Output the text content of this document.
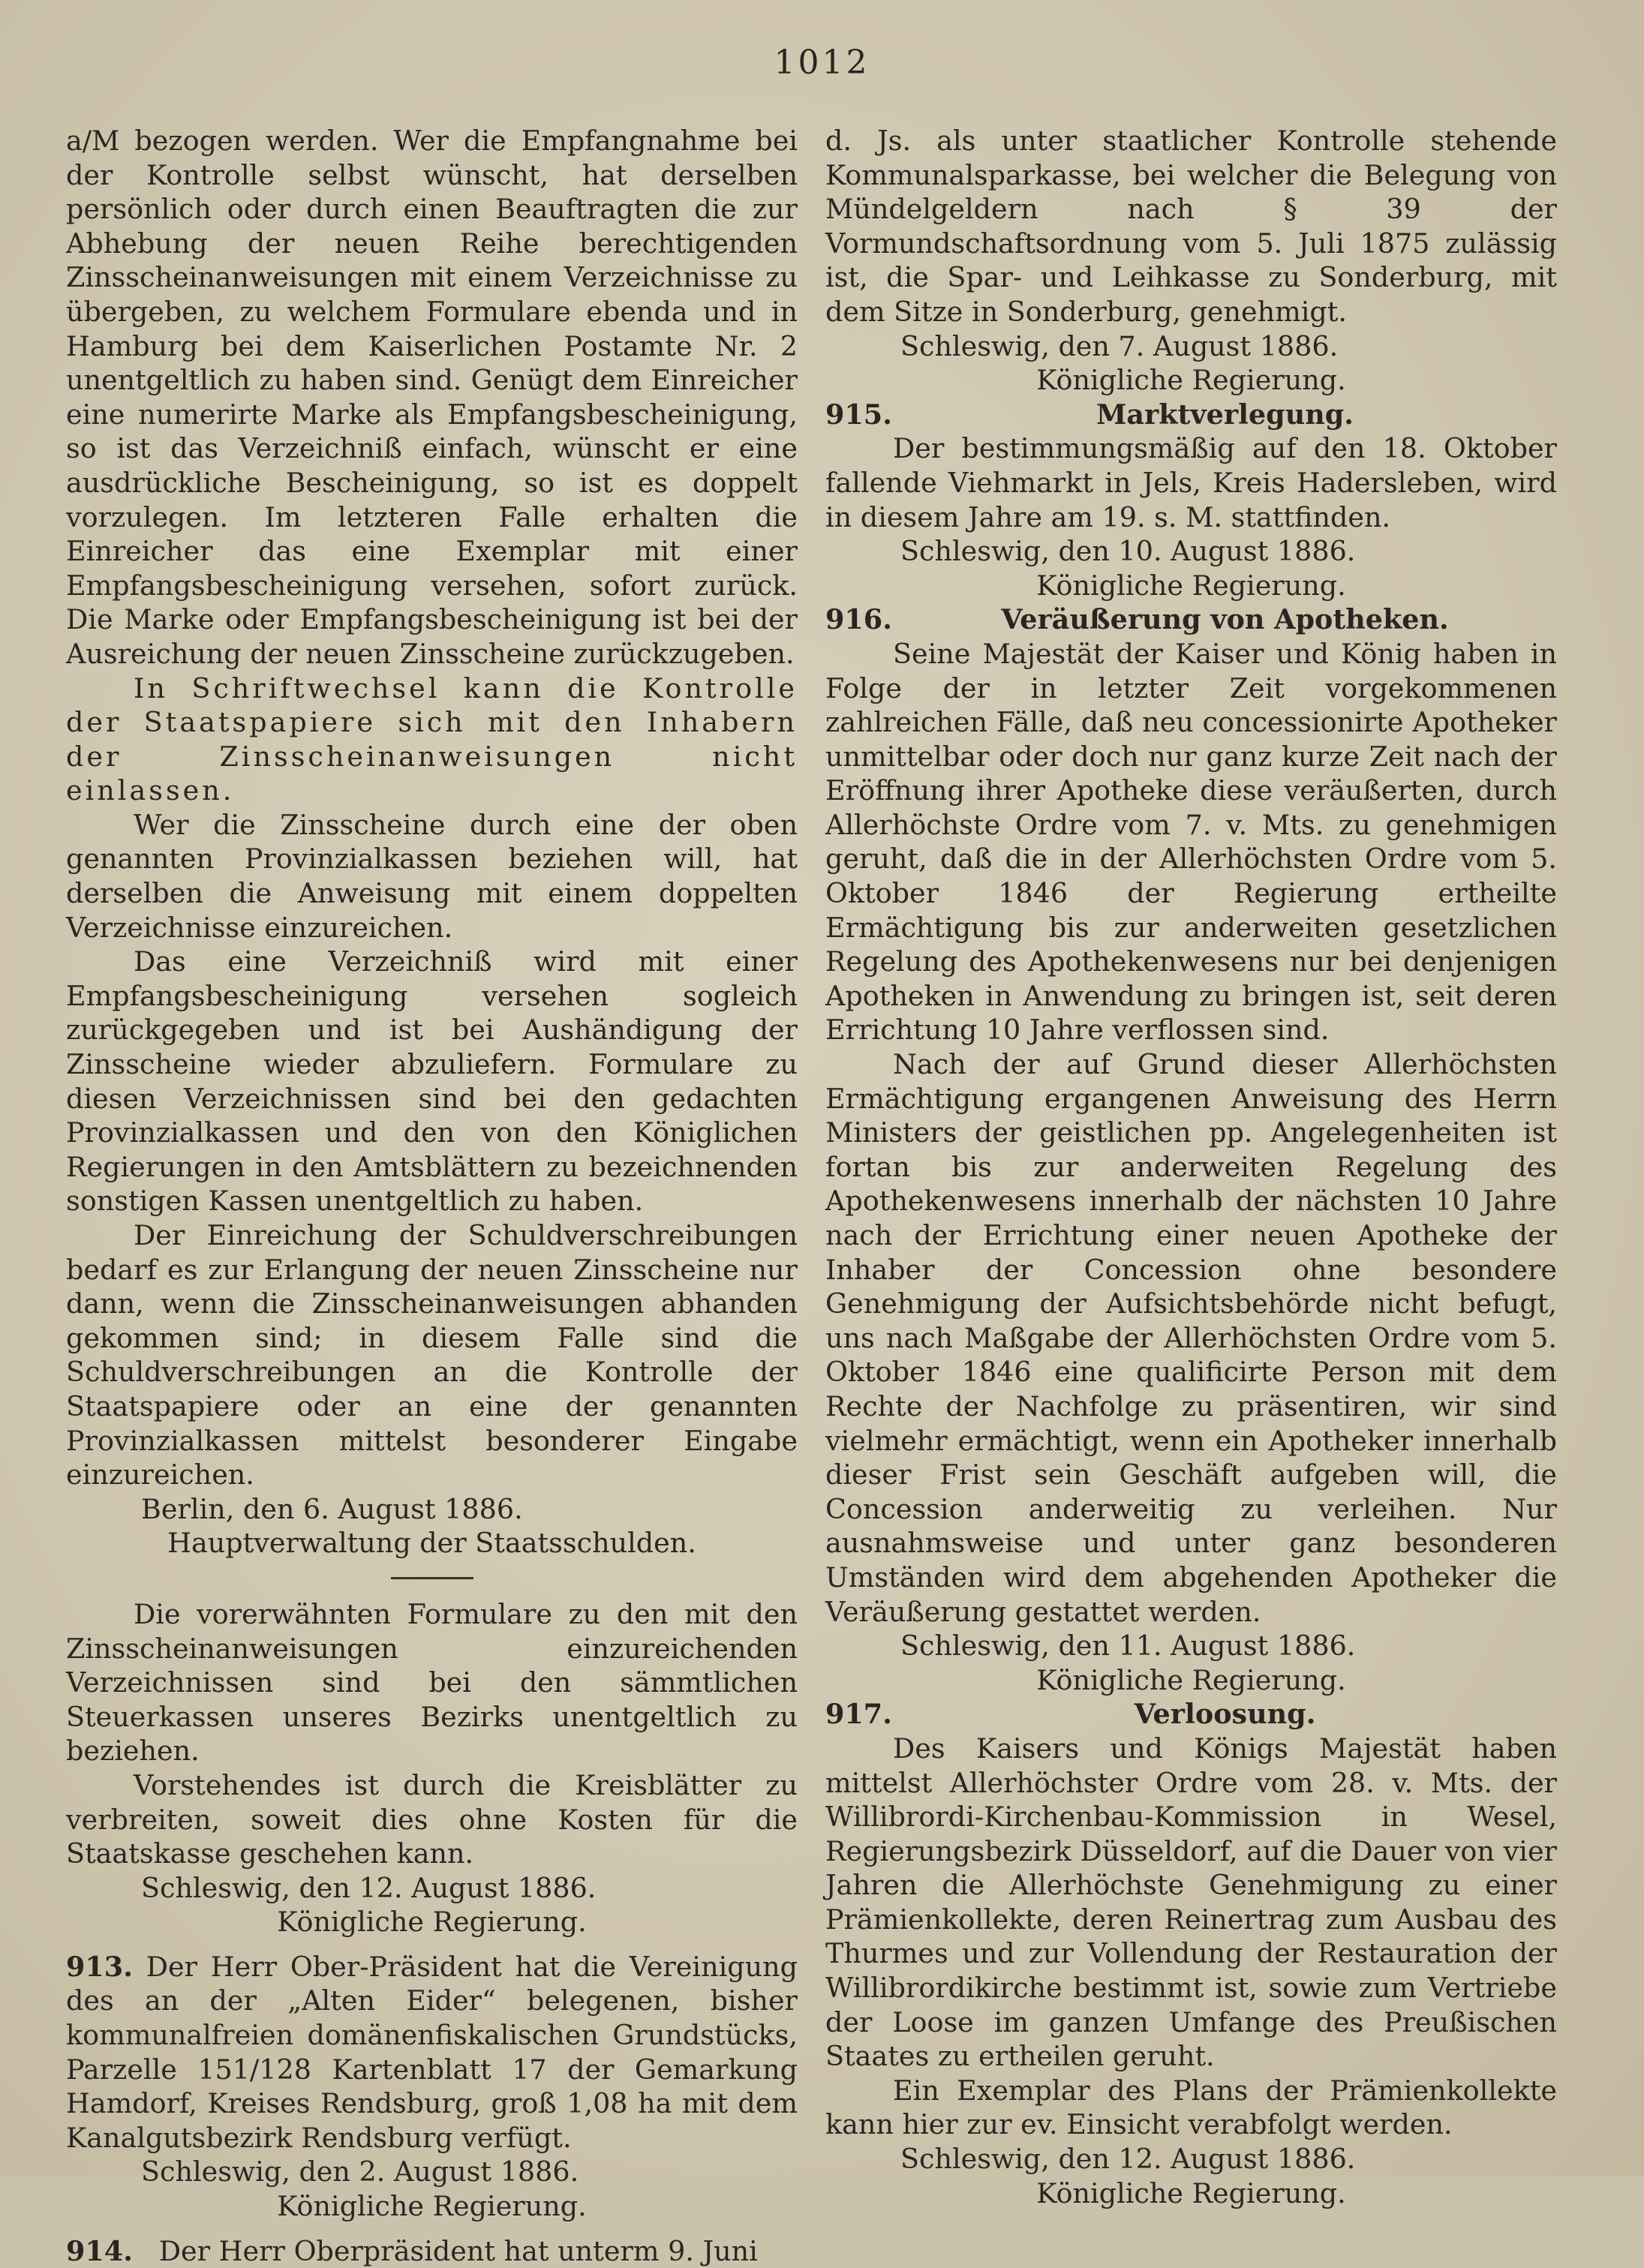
1012

a/M bezogen werden. Wer die Empfangnahme bei der Kontrolle selbst wünscht, hat derselben persönlich oder durch einen Beauftragten die zur Abhebung der neuen Reihe berechtigenden Zinsscheinanweisungen mit einem Verzeichnisse zu übergeben, zu welchem Formulare ebenda und in Hamburg bei dem Kaiserlichen Postamte Nr. 2 unentgeltlich zu haben sind. Genügt dem Einreicher eine numerirte Marke als Empfangsbescheinigung, so ist das Verzeichniß einfach, wünscht er eine ausdrückliche Bescheinigung, so ist es doppelt vorzulegen. Im letzteren Falle erhalten die Einreicher das eine Exemplar mit einer Empfangsbescheinigung versehen, sofort zurück. Die Marke oder Empfangsbescheinigung ist bei der Ausreichung der neuen Zinsscheine zurückzugeben.

In Schriftwechsel kann die Kontrolle der Staatspapiere sich mit den Inhabern der Zinsscheinanweisungen nicht einlassen.

Wer die Zinsscheine durch eine der oben genannten Provinzialkassen beziehen will, hat derselben die Anweisung mit einem doppelten Verzeichnisse einzureichen.

Das eine Verzeichniß wird mit einer Empfangsbescheinigung versehen sogleich zurückgegeben und ist bei Aushändigung der Zinsscheine wieder abzuliefern. Formulare zu diesen Verzeichnissen sind bei den gedachten Provinzialkassen und den von den Königlichen Regierungen in den Amtsblättern zu bezeichnenden sonstigen Kassen unentgeltlich zu haben.

Der Einreichung der Schuldverschreibungen bedarf es zur Erlangung der neuen Zinsscheine nur dann, wenn die Zinsscheinanweisungen abhanden gekommen sind; in diesem Falle sind die Schuldverschreibungen an die Kontrolle der Staatspapiere oder an eine der genannten Provinzialkassen mittelst besonderer Eingabe einzureichen.

Berlin, den 6. August 1886.

Hauptverwaltung der Staatsschulden.

Die vorerwähnten Formulare zu den mit den Zinsscheinanweisungen einzureichenden Verzeichnissen sind bei den sämmtlichen Steuerkassen unseres Bezirks unentgeltlich zu beziehen.

Vorstehendes ist durch die Kreisblätter zu verbreiten, soweit dies ohne Kosten für die Staatskasse geschehen kann.

Schleswig, den 12. August 1886.

Königliche Regierung.

913. Der Herr Ober-Präsident hat die Vereinigung des an der „Alten Eider“ belegenen, bisher kommunalfreien domänenfiskalischen Grundstücks, Parzelle 151/128 Kartenblatt 17 der Gemarkung Hamdorf, Kreises Rendsburg, groß 1,08 ha mit dem Kanalgutsbezirk Rendsburg verfügt.

Schleswig, den 2. August 1886.

Königliche Regierung.

914. Der Herr Oberpräsident hat unterm 9. Juni

d. Js. als unter staatlicher Kontrolle stehende Kommunalsparkasse, bei welcher die Belegung von Mündelgeldern nach § 39 der Vormundschaftsordnung vom 5. Juli 1875 zulässig ist, die Spar- und Leihkasse zu Sonderburg, mit dem Sitze in Sonderburg, genehmigt.

Schleswig, den 7. August 1886.

Königliche Regierung.

915.	Marktverlegung.

Der bestimmungsmäßig auf den 18. Oktober fallende Viehmarkt in Jels, Kreis Hadersleben, wird in diesem Jahre am 19. s. M. stattfinden.

Schleswig, den 10. August 1886.

Königliche Regierung.

916.	Veräußerung von Apotheken.

Seine Majestät der Kaiser und König haben in Folge der in letzter Zeit vorgekommenen zahlreichen Fälle, daß neu concessionirte Apotheker unmittelbar oder doch nur ganz kurze Zeit nach der Eröffnung ihrer Apotheke diese veräußerten, durch Allerhöchste Ordre vom 7. v. Mts. zu genehmigen geruht, daß die in der Allerhöchsten Ordre vom 5. Oktober 1846 der Regierung ertheilte Ermächtigung bis zur anderweiten gesetzlichen Regelung des Apothekenwesens nur bei denjenigen Apotheken in Anwendung zu bringen ist, seit deren Errichtung 10 Jahre verflossen sind.

Nach der auf Grund dieser Allerhöchsten Ermächtigung ergangenen Anweisung des Herrn Ministers der geistlichen pp. Angelegenheiten ist fortan bis zur anderweiten Regelung des Apothekenwesens innerhalb der nächsten 10 Jahre nach der Errichtung einer neuen Apotheke der Inhaber der Concession ohne besondere Genehmigung der Aufsichtsbehörde nicht befugt, uns nach Maßgabe der Allerhöchsten Ordre vom 5. Oktober 1846 eine qualificirte Person mit dem Rechte der Nachfolge zu präsentiren, wir sind vielmehr ermächtigt, wenn ein Apotheker innerhalb dieser Frist sein Geschäft aufgeben will, die Concession anderweitig zu verleihen. Nur ausnahmsweise und unter ganz besonderen Umständen wird dem abgehenden Apotheker die Veräußerung gestattet werden.

Schleswig, den 11. August 1886.

Königliche Regierung.

917.	Verloosung.

Des Kaisers und Königs Majestät haben mittelst Allerhöchster Ordre vom 28. v. Mts. der Willibrordi-Kirchenbau-Kommission in Wesel, Regierungsbezirk Düsseldorf, auf die Dauer von vier Jahren die Allerhöchste Genehmigung zu einer Prämienkollekte, deren Reinertrag zum Ausbau des Thurmes und zur Vollendung der Restauration der Willibrordikirche bestimmt ist, sowie zum Vertriebe der Loose im ganzen Umfange des Preußischen Staates zu ertheilen geruht.

Ein Exemplar des Plans der Prämienkollekte kann hier zur ev. Einsicht verabfolgt werden.

Schleswig, den 12. August 1886.

Königliche Regierung.
